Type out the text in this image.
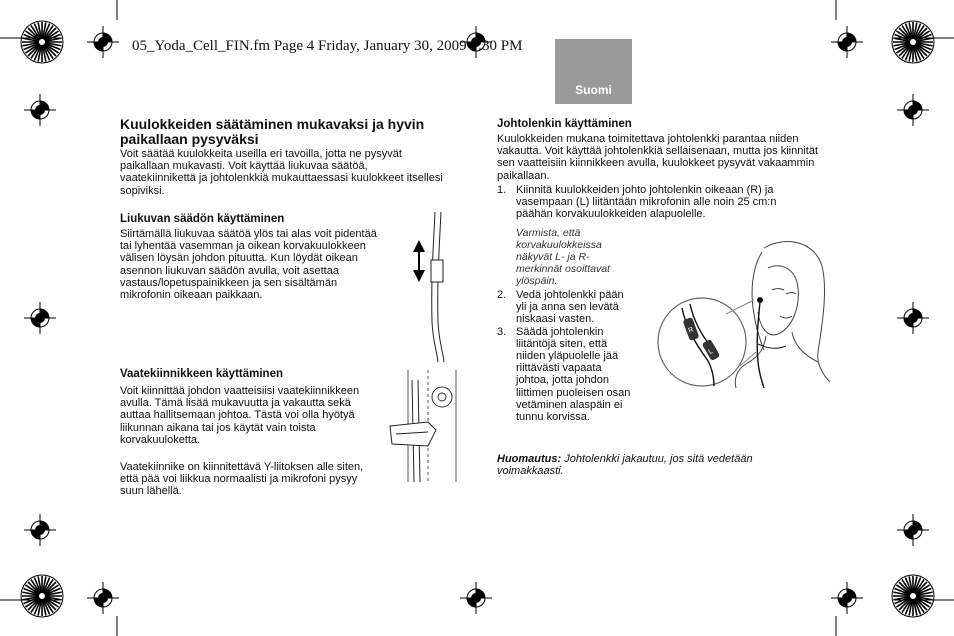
05_Yoda_Cell_FIN.fm Page 4 Friday, January 30, 2009 7:30 PM
Suomi
Kuulokkeiden säätäminen mukavaksi ja hyvin paikallaan pysyväksi
Voit säätää kuulokkeita useilla eri tavoilla, jotta ne pysyvät paikallaan mukavasti. Voit käyttää liukuvaa säätöä, vaatekiinnikettä ja johtolenkkiä mukauttaessasi kuulokkeet itsellesi sopiviksi.
Liukuvan säädön käyttäminen
Siirtämällä liukuvaa säätöä ylös tai alas voit pidentää tai lyhentää vasemman ja oikean korvakuulokkeen välisen löysän johdon pituutta. Kun löydät oikean asennon liukuvan säädön avulla, voit asettaa vastaus/lopetuspainikkeen ja sen sisältämän mikrofonin oikeaan paikkaan.
Vaatekiinnikkeen käyttäminen
Voit kiinnittää johdon vaatteisiisi vaatekiinnikkeen avulla. Tämä lisää mukavuutta ja vakautta sekä auttaa hallitsemaan johtoa. Tästä voi olla hyötyä liikunnan aikana tai jos käytät vain toista korvakuuloketta.
Vaatekiinnike on kiinnitettävä Y-liitoksen alle siten, että pää voi liikkua normaalisti ja mikrofoni pysyy suun lähellä.
Johtolenkin käyttäminen
Kuulokkeiden mukana toimitettava johtolenkki parantaa niiden vakautta. Voit käyttää johtolenkkiä sellaisenaan, mutta jos kiinnität sen vaatteisiin kiinnikkeen avulla, kuulokkeet pysyvät vakaammin paikallaan.
1. Kiinnitä kuulokkeiden johto johtolenkin oikeaan (R) ja vasempaan (L) liitäntään mikrofonin alle noin 25 cm:n päähän korvakuulokkeiden alapuolelle.
Varmista, että korvakuulokkeissa näkyvät L- ja R-merkinnät osoittavat ylöspäin.
2. Vedä johtolenkki pään yli ja anna sen levätä niskaasi vasten.
3. Säädä johtolenkin liitäntöjä siten, että niiden yläpuolelle jää riittävästi vapaata johtoa, jotta johdon liittimen puoleisen osan vetäminen alaspäin ei tunnu korvissa.
Huomautus: Johtolenkki jakautuu, jos sitä vedetään voimakkaasti.
R
L
